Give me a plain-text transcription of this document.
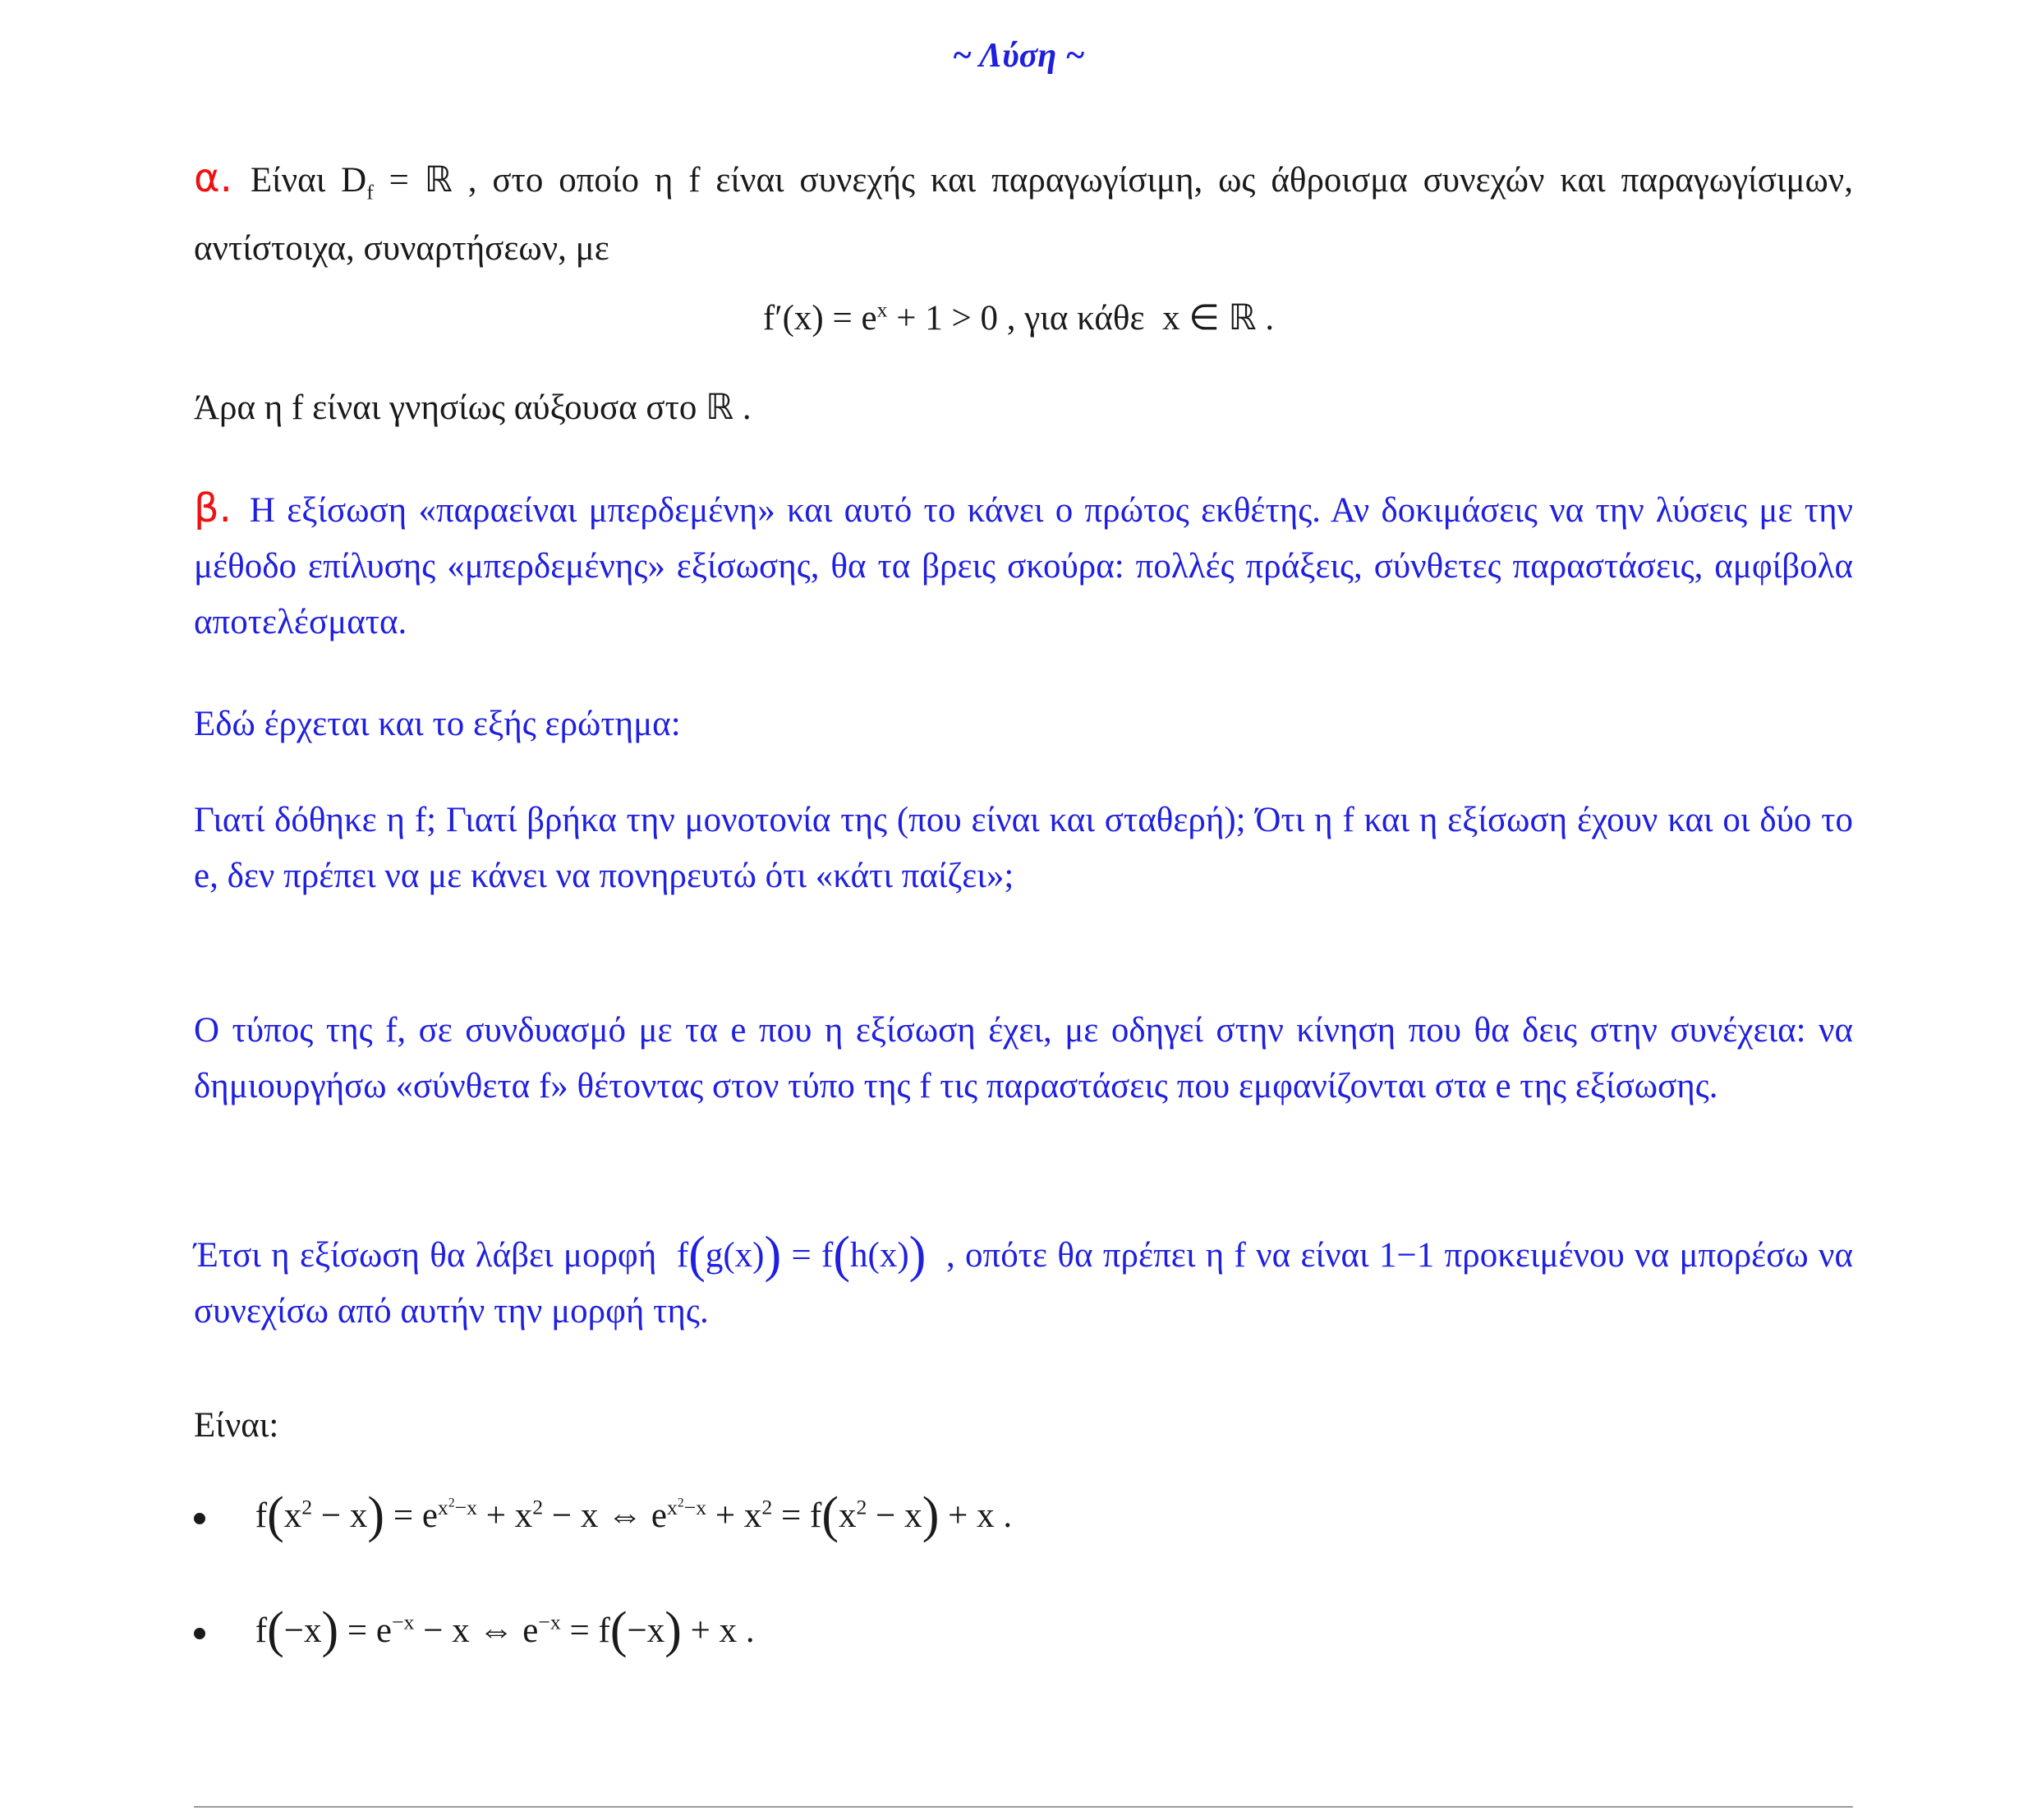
~ Λύση ~
α. Είναι $D_f$ = ℝ , στο οποίο η f είναι συνεχής και παραγωγίσιμη, ως άθροισμα συνεχών και παραγωγίσιμων, αντίστοιχα, συναρτήσεων, με
$f'(x) = e^x + 1 > 0$ , για κάθε  x ∈ ℝ .
Άρα η f είναι γνησίως αύξουσα στο ℝ .
β. Η εξίσωση «παραείναι μπερδεμένη» και αυτό το κάνει ο πρώτος εκθέτης. Αν δοκιμάσεις να την λύσεις με την μέθοδο επίλυσης «μπερδεμένης» εξίσωσης, θα τα βρεις σκούρα: πολλές πράξεις, σύνθετες παραστάσεις, αμφίβολα αποτελέσματα.
Εδώ έρχεται και το εξής ερώτημα:
Γιατί δόθηκε η f; Γιατί βρήκα την μονοτονία της (που είναι και σταθερή); Ότι η f και η εξίσωση έχουν και οι δύο το e, δεν πρέπει να με κάνει να πονηρευτώ ότι «κάτι παίζει»;
Ο τύπος της f, σε συνδυασμό με τα e που η εξίσωση έχει, με οδηγεί στην κίνηση που θα δεις στην συνέχεια: να δημιουργήσω «σύνθετα f» θέτοντας στον τύπο της f τις παραστάσεις που εμφανίζονται στα e της εξίσωσης.
Έτσι η εξίσωση θα λάβει μορφή  f(g(x)) = f(h(x))  , οπότε θα πρέπει η f να είναι 1−1 προκειμένου να μπορέσω να συνεχίσω από αυτήν την μορφή της.
Είναι:
$f(x^2 - x) = e^{x^2-x} + x^2 - x$ ⇔ $e^{x^2-x} + x^2 = f(x^2 - x) + x$ .
$f(-x) = e^{-x} - x$ ⇔ $e^{-x} = f(-x) + x$ .
